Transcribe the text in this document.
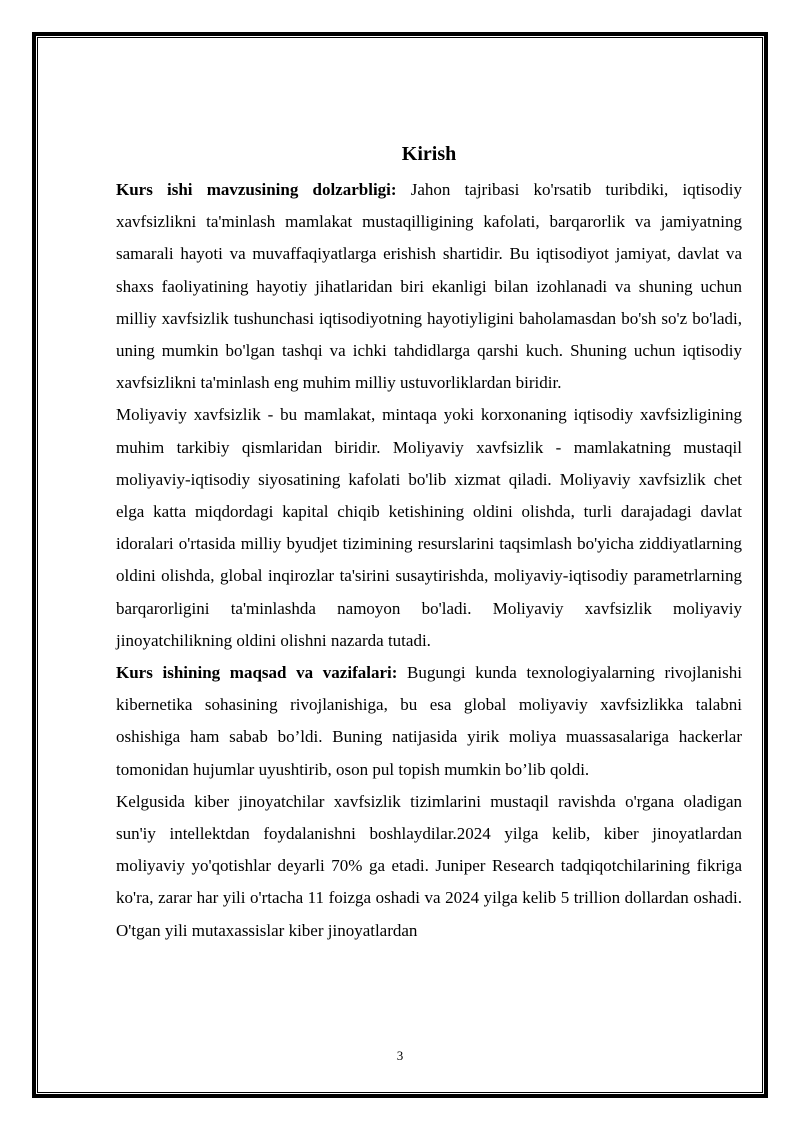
Kirish

Kurs ishi mavzusining dolzarbligi: Jahon tajribasi ko'rsatib turibdiki, iqtisodiy xavfsizlikni ta'minlash mamlakat mustaqilligining kafolati, barqarorlik va jamiyatning samarali hayoti va muvaffaqiyatlarga erishish shartidir. Bu iqtisodiyot jamiyat, davlat va shaxs faoliyatining hayotiy jihatlaridan biri ekanligi bilan izohlanadi va shuning uchun milliy xavfsizlik tushunchasi iqtisodiyotning hayotiyligini baholamasdan bo'sh so'z bo'ladi, uning mumkin bo'lgan tashqi va ichki tahdidlarga qarshi kuch. Shuning uchun iqtisodiy xavfsizlikni ta'minlash eng muhim milliy ustuvorliklardan biridir.

Moliyaviy xavfsizlik - bu mamlakat, mintaqa yoki korxonaning iqtisodiy xavfsizligining muhim tarkibiy qismlaridan biridir. Moliyaviy xavfsizlik - mamlakatning mustaqil moliyaviy-iqtisodiy siyosatining kafolati bo'lib xizmat qiladi. Moliyaviy xavfsizlik chet elga katta miqdordagi kapital chiqib ketishining oldini olishda, turli darajadagi davlat idoralari o'rtasida milliy byudjet tizimining resurslarini taqsimlash bo'yicha ziddiyatlarning oldini olishda, global inqirozlar ta'sirini susaytirishda, moliyaviy-iqtisodiy parametrlarning barqarorligini ta'minlashda namoyon bo'ladi. Moliyaviy xavfsizlik moliyaviy jinoyatchilikning oldini olishni nazarda tutadi.

Kurs ishining maqsad va vazifalari: Bugungi kunda texnologiyalarning rivojlanishi kibernetika sohasining rivojlanishiga, bu esa global moliyaviy xavfsizlikka talabni oshishiga ham sabab bo’ldi. Buning natijasida yirik moliya muassasalariga hackerlar tomonidan hujumlar uyushtirib, oson pul topish mumkin bo’lib qoldi.

Kelgusida kiber jinoyatchilar xavfsizlik tizimlarini mustaqil ravishda o'rgana oladigan sun'iy intellektdan foydalanishni boshlaydilar.2024 yilga kelib, kiber jinoyatlardan moliyaviy yo'qotishlar deyarli 70% ga etadi. Juniper Research tadqiqotchilarining fikriga ko'ra, zarar har yili o'rtacha 11 foizga oshadi va 2024 yilga kelib 5 trillion dollardan oshadi. O'tgan yili mutaxassislar kiber jinoyatlardan

3
